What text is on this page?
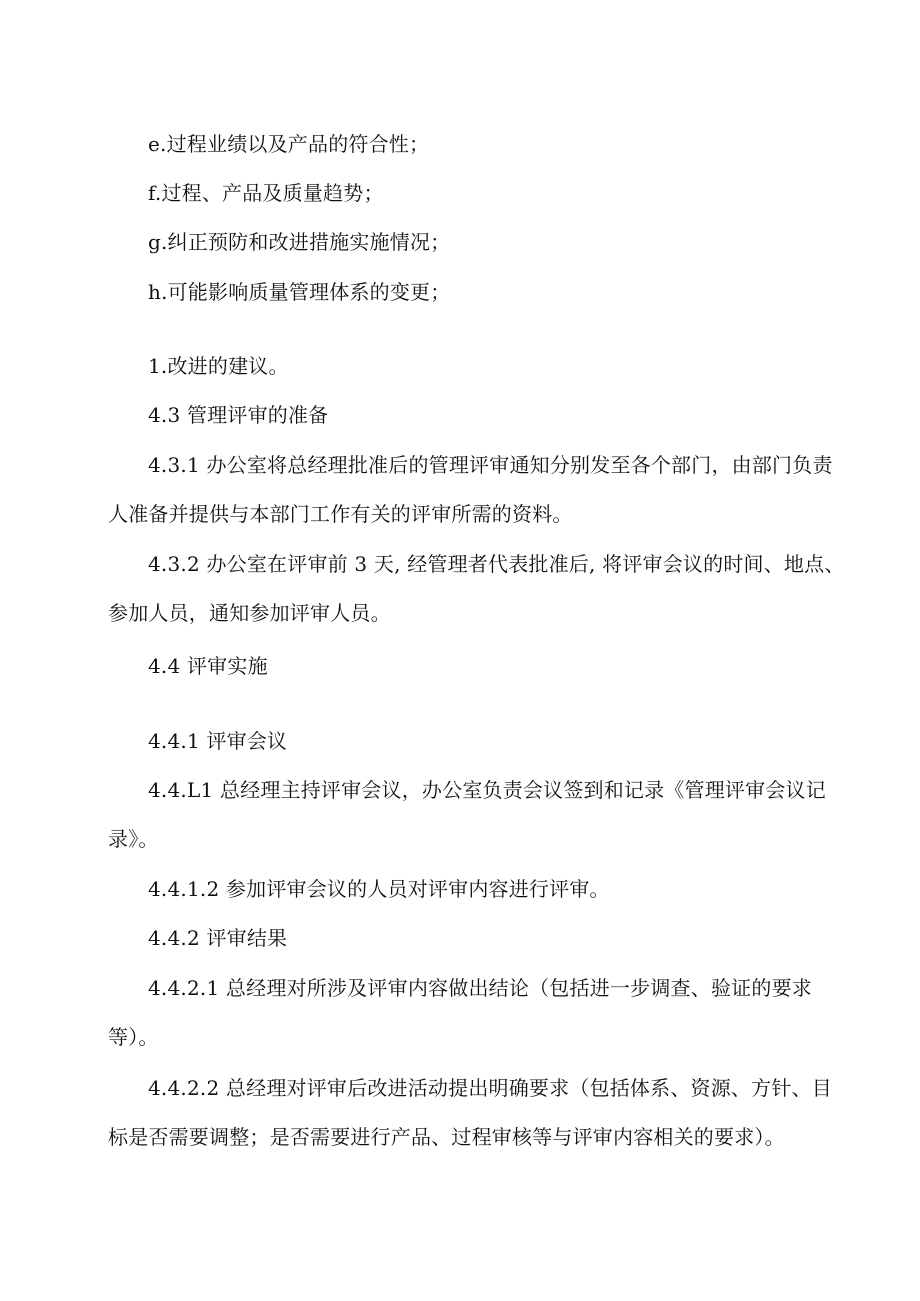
e.过程业绩以及产品的符合性；
f.过程、产品及质量趋势；
g.纠正预防和改进措施实施情况；
h.可能影响质量管理体系的变更；
1.改进的建议。
4.3 管理评审的准备
4.3.1 办公室将总经理批准后的管理评审通知分别发至各个部门，由部门负责
人准备并提供与本部门工作有关的评审所需的资料。
4.3.2 办公室在评审前 3 天, 经管理者代表批准后, 将评审会议的时间、地点、
参加人员，通知参加评审人员。
4.4 评审实施
4.4.1 评审会议
4.4.L1 总经理主持评审会议，办公室负责会议签到和记录《管理评审会议记
录》。
4.4.1.2 参加评审会议的人员对评审内容进行评审。
4.4.2 评审结果
4.4.2.1 总经理对所涉及评审内容做出结论（包括进一步调查、验证的要求
等）。
4.4.2.2 总经理对评审后改进活动提出明确要求（包括体系、资源、方针、目
标是否需要调整；是否需要进行产品、过程审核等与评审内容相关的要求）。
